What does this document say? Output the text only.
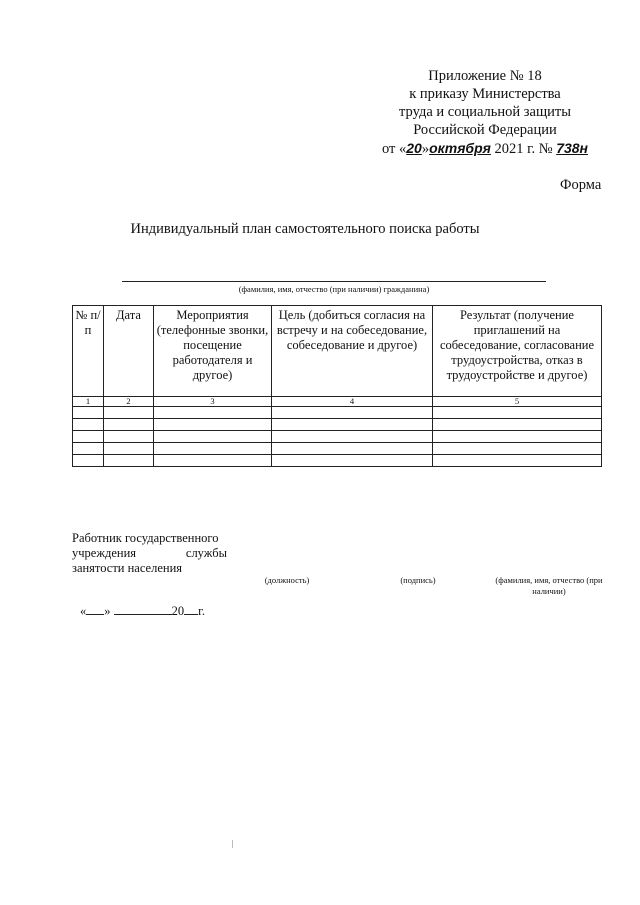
Приложение № 18
к приказу Министерства
труда и социальной защиты
Российской Федерации
от «20»октября 2021 г. № 738н
Форма
Индивидуальный план самостоятельного поиска работы
(фамилия, имя, отчество (при наличии) гражданина)
№ п/п	Дата	Мероприятия (телефонные звонки, посещение работодателя и другое)	Цель (добиться согласия на встречу и на собеседование, собеседование и другое)	Результат (получение приглашений на собеседование, согласование трудоустройства, отказ в трудоустройстве и другое)
1	2	3	4	5

Работник государственного
учреждения	службы
занятости населения
(должность)	(подпись)	(фамилия, имя, отчество (при наличии)
« »	20 г.
